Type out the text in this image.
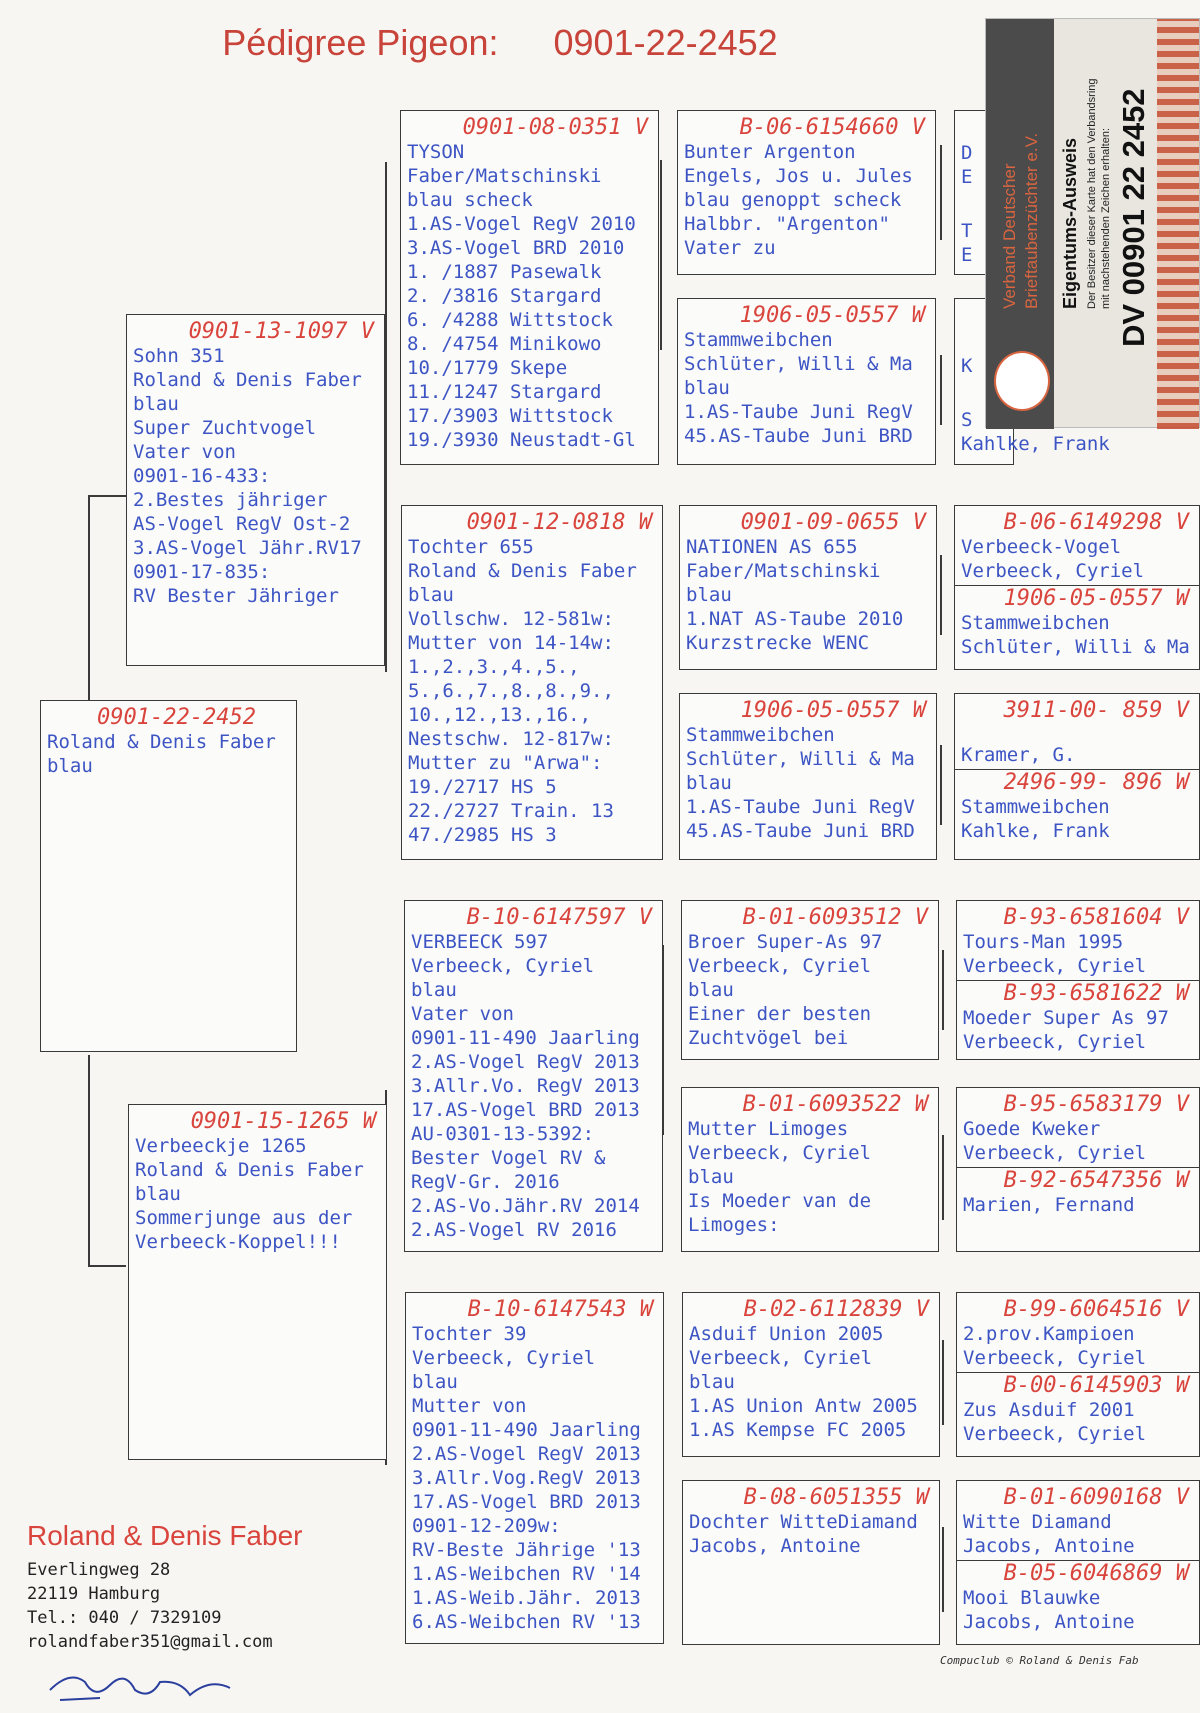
Pédigree Pigeon: 0901-22-2452
0901-22-2452
Roland & Denis Faber
blau
0901-13-1097 V
Sohn 351
Roland & Denis Faber
blau
Super Zuchtvogel
Vater von
0901-16-433:
2.Bestes jähriger
AS-Vogel RegV Ost-2
3.AS-Vogel Jähr.RV17
0901-17-835:
RV Bester Jähriger
0901-15-1265 W
Verbeeckje 1265
Roland & Denis Faber
blau
Sommerjunge aus der
Verbeeck-Koppel!!!
0901-08-0351 V
TYSON
Faber/Matschinski
blau scheck
1.AS-Vogel RegV 2010
3.AS-Vogel BRD 2010
1. /1887 Pasewalk
2. /3816 Stargard
6. /4288 Wittstock
8. /4754 Minikowo
10./1779 Skepe
11./1247 Stargard
17./3903 Wittstock
19./3930 Neustadt-Gl
0901-12-0818 W
Tochter 655
Roland & Denis Faber
blau
Vollschw. 12-581w:
Mutter von 14-14w:
1.,2.,3.,4.,5.,
5.,6.,7.,8.,8.,9.,
10.,12.,13.,16.,
Nestschw. 12-817w:
Mutter zu "Arwa":
19./2717 HS 5
22./2727 Train. 13
47./2985 HS 3
B-10-6147597 V
VERBEECK 597
Verbeeck, Cyriel
blau
Vater von
0901-11-490 Jaarling
2.AS-Vogel RegV 2013
3.Allr.Vo. RegV 2013
17.AS-Vogel BRD 2013
AU-0301-13-5392:
Bester Vogel RV &
RegV-Gr. 2016
2.AS-Vo.Jähr.RV 2014
2.AS-Vogel RV 2016
B-10-6147543 W
Tochter 39
Verbeeck, Cyriel
blau
Mutter von
0901-11-490 Jaarling
2.AS-Vogel RegV 2013
3.Allr.Vog.RegV 2013
17.AS-Vogel BRD 2013
0901-12-209w:
RV-Beste Jährige '13
1.AS-Weibchen RV '14
1.AS-Weib.Jähr. 2013
6.AS-Weibchen RV '13
B-06-6154660 V
Bunter Argenton
Engels, Jos u. Jules
blau genoppt scheck
Halbbr. "Argenton"
Vater zu
1906-05-0557 W
Stammweibchen
Schlüter, Willi & Ma
blau
1.AS-Taube Juni RegV
45.AS-Taube Juni BRD
0901-09-0655 V
NATIONEN AS 655
Faber/Matschinski
blau
1.NAT AS-Taube 2010
Kurzstrecke WENC
1906-05-0557 W
Stammweibchen
Schlüter, Willi & Ma
blau
1.AS-Taube Juni RegV
45.AS-Taube Juni BRD
B-01-6093512 V
Broer Super-As 97
Verbeeck, Cyriel
blau
Einer der besten
Zuchtvögel bei
B-01-6093522 W
Mutter Limoges
Verbeeck, Cyriel
blau
Is Moeder van de
Limoges:
B-02-6112839 V
Asduif Union 2005
Verbeeck, Cyriel
blau
1.AS Union Antw 2005
1.AS Kempse FC 2005
B-08-6051355 W
Dochter WitteDiamand
Jacobs, Antoine
D
E
T
E
K
S
Kahlke, Frank
B-06-6149298 V
Verbeeck-Vogel
Verbeeck, Cyriel
1906-05-0557 W
Stammweibchen
Schlüter, Willi & Ma
3911-00- 859 V
Kramer, G.
2496-99- 896 W
Stammweibchen
Kahlke, Frank
B-93-6581604 V
Tours-Man 1995
Verbeeck, Cyriel
B-93-6581622 W
Moeder Super As 97
Verbeeck, Cyriel
B-95-6583179 V
Goede Kweker
Verbeeck, Cyriel
B-92-6547356 W
Marien, Fernand
B-99-6064516 V
2.prov.Kampioen
Verbeeck, Cyriel
B-00-6145903 W
Zus Asduif 2001
Verbeeck, Cyriel
B-01-6090168 V
Witte Diamand
Jacobs, Antoine
B-05-6046869 W
Mooi Blauwke
Jacobs, Antoine
Verband Deutscher Brieftaubenzüchter e.V. Eigentums-Ausweis Der Besitzer dieser Karte hat den Verbandsring mit nachstehenden Zeichen erhalten: DV 00901 22 2452
Roland & Denis Faber
Everlingweg 28
22119 Hamburg
Tel.: 040 / 7329109
rolandfaber351@gmail.com
Compuclub © Roland & Denis Fab
